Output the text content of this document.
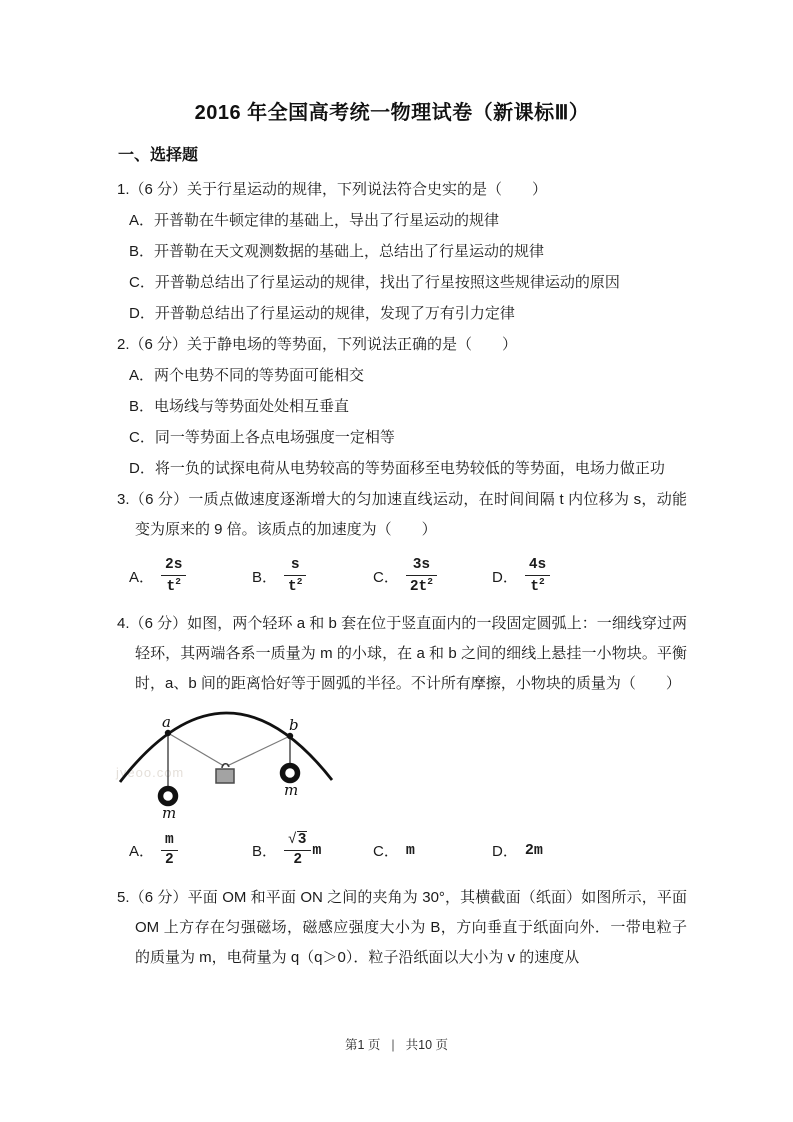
2016 年全国高考统一物理试卷（新课标Ⅲ）
一、选择题

1.（6 分）关于行星运动的规律，下列说法符合史实的是（　　）

A．开普勒在牛顿定律的基础上，导出了行星运动的规律

B．开普勒在天文观测数据的基础上，总结出了行星运动的规律

C．开普勒总结出了行星运动的规律，找出了行星按照这些规律运动的原因

D．开普勒总结出了行星运动的规律，发现了万有引力定律

2.（6 分）关于静电场的等势面，下列说法正确的是（　　）

A．两个电势不同的等势面可能相交

B．电场线与等势面处处相互垂直

C．同一等势面上各点电场强度一定相等

D．将一负的试探电荷从电势较高的等势面移至电势较低的等势面，电场力做正功

3.（6 分）一质点做速度逐渐增大的匀加速直线运动，在时间间隔 t 内位移为 s，动能变为原来的 9 倍。该质点的加速度为（　　）

A． $\frac{2s}{t^2}$	B． $\frac{s}{t^2}$	C． $\frac{3s}{2t^2}$	D． $\frac{4s}{t^2}$

4.（6 分）如图，两个轻环 a 和 b 套在位于竖直面内的一段固定圆弧上：一细线穿过两轻环，其两端各系一质量为 m 的小球，在 a 和 b 之间的细线上悬挂一小物块。平衡时，a、b 间的距离恰好等于圆弧的半径。不计所有摩擦，小物块的质量为（　　）

jyeoo.com
a	b
m
m
A． $\frac{m}{2}$	B． $\frac{√3}{2}$ m	C． m	D． 2m

5.（6 分）平面 OM 和平面 ON 之间的夹角为 30°，其横截面（纸面）如图所示，平面 OM 上方存在匀强磁场，磁感应强度大小为 B，方向垂直于纸面向外．一带电粒子的质量为 m，电荷量为 q（q＞0）．粒子沿纸面以大小为 v 的速度从

第1 页 | 共10 页
